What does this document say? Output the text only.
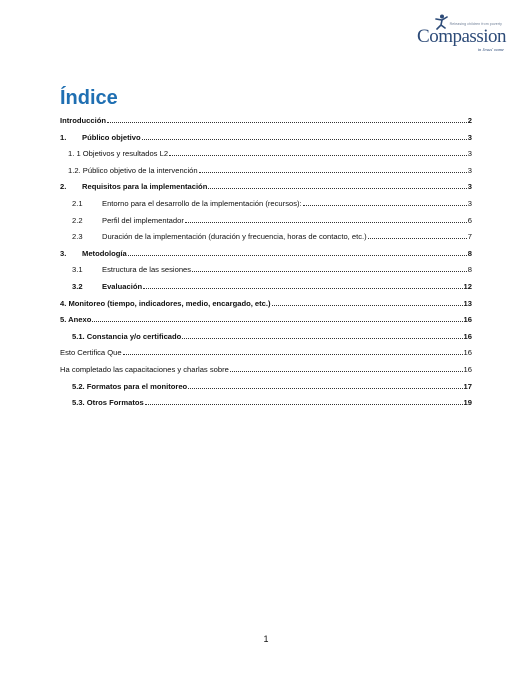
Releasing children from poverty
Compassion
in Jesus' name
Índice
Introducción	2
1.	Público objetivo	3
1. 1 Objetivos y resultados L2	3
1.2. Público objetivo de la intervención	3
2.	Requisitos para la implementación	3
2.1	Entorno para el desarrollo de la implementación (recursos):	3
2.2	Perfil del implementador	6
2.3	Duración de la implementación (duración y frecuencia, horas de contacto, etc.)	7
3.	Metodología	8
3.1	Estructura de las sesiones	8
3.2	Evaluación	12
4. Monitoreo (tiempo, indicadores, medio, encargado, etc.)	13
5. Anexo	16
5.1. Constancia y/o certificado	16
Esto Certifica Que	16
Ha completado las capacitaciones y charlas sobre	16
5.2. Formatos para el monitoreo	17
5.3. Otros Formatos	19
1
